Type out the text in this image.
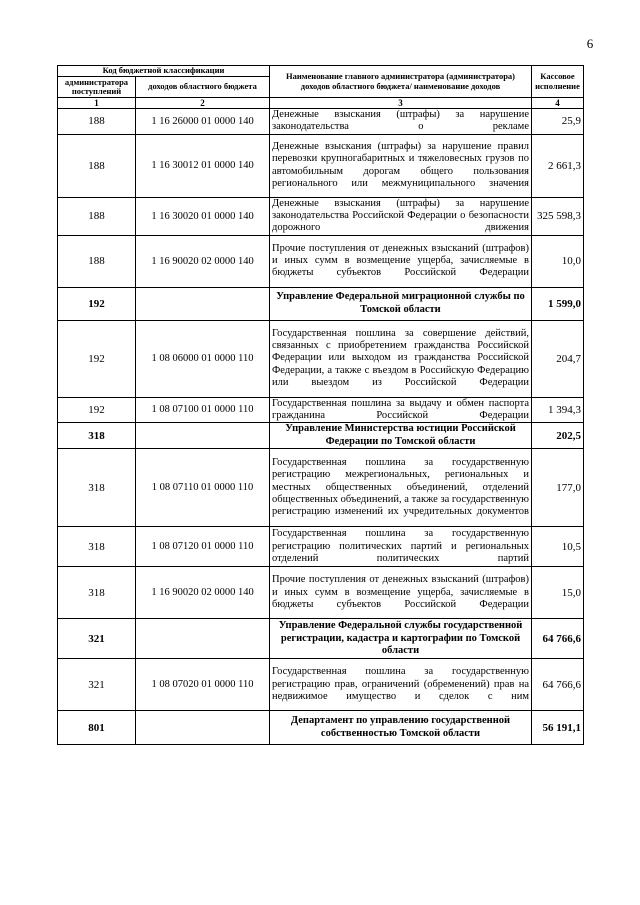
6
Код бюджетной классификации		Наименование главного администратора (администратора) доходов областного бюджета/ наименование доходов	Кассовое исполнение
администратора поступлений	доходов областного бюджета		
1	2	3	4
188	1 16 26000 01 0000 140	Денежные взыскания (штрафы) за нарушение законодательства о рекламе	25,9
188	1 16 30012 01 0000 140	Денежные взыскания (штрафы) за нарушение правил перевозки крупногабаритных и тяжеловесных грузов по автомобильным дорогам общего пользования регионального или межмуниципального значения	2 661,3
188	1 16 30020 01 0000 140	Денежные взыскания (штрафы) за нарушение законодательства Российской Федерации о безопасности дорожного движения	325 598,3
188	1 16 90020 02 0000 140	Прочие поступления от денежных взысканий (штрафов) и иных сумм в возмещение ущерба, зачисляемые в бюджеты субъектов Российской Федерации	10,0
192		Управление Федеральной миграционной службы по Томской области	1 599,0
192	1 08 06000 01 0000 110	Государственная пошлина за совершение действий, связанных с приобретением гражданства Российской Федерации или выходом из гражданства Российской Федерации, а также с въездом в Российскую Федерацию или выездом из Российской Федерации	204,7
192	1 08 07100 01 0000 110	Государственная пошлина за выдачу и обмен паспорта гражданина Российской Федерации	1 394,3
318		Управление Министерства юстиции Российской Федерации по Томской области	202,5
318	1 08 07110 01 0000 110	Государственная пошлина за государственную регистрацию межрегиональных, региональных и местных общественных объединений, отделений общественных объединений, а также за государственную регистрацию изменений их учредительных документов	177,0
318	1 08 07120 01 0000 110	Государственная пошлина за государственную регистрацию политических партий и региональных отделений политических партий	10,5
318	1 16 90020 02 0000 140	Прочие поступления от денежных взысканий (штрафов) и иных сумм в возмещение ущерба, зачисляемые в бюджеты субъектов Российской Федерации	15,0
321		Управление Федеральной службы государственной регистрации, кадастра и картографии по Томской области	64 766,6
321	1 08 07020 01 0000 110	Государственная пошлина за государственную регистрацию прав, ограничений (обременений) прав на недвижимое имущество и сделок с ним	64 766,6
801		Департамент по управлению государственной собственностью Томской области	56 191,1
